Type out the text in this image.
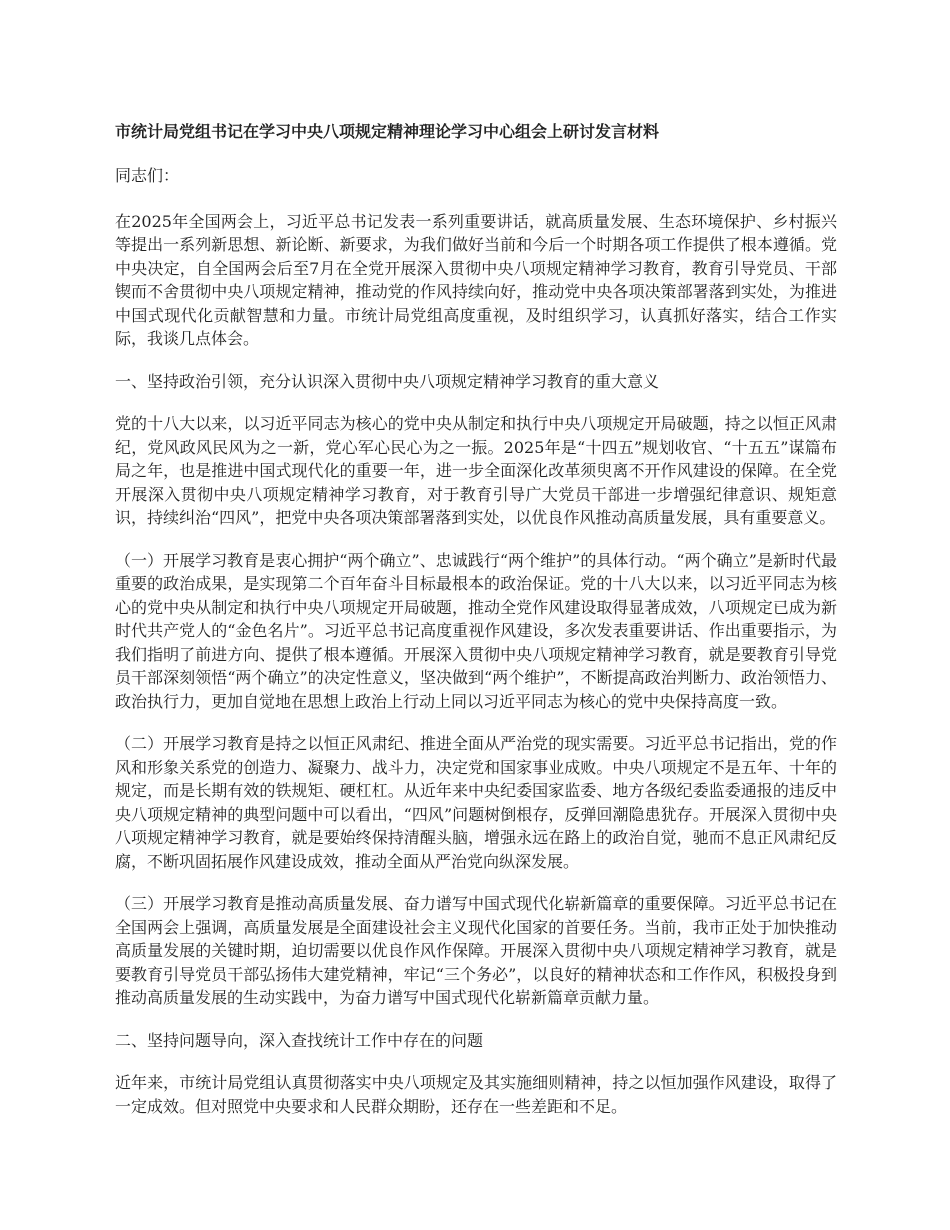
市统计局党组书记在学习中央八项规定精神理论学习中心组会上研讨发言材料
同志们：
在2025年全国两会上，习近平总书记发表一系列重要讲话，就高质量发展、生态环境保护、乡村振兴等提出一系列新思想、新论断、新要求，为我们做好当前和今后一个时期各项工作提供了根本遵循。党中央决定，自全国两会后至7月在全党开展深入贯彻中央八项规定精神学习教育，教育引导党员、干部锲而不舍贯彻中央八项规定精神，推动党的作风持续向好，推动党中央各项决策部署落到实处，为推进中国式现代化贡献智慧和力量。市统计局党组高度重视，及时组织学习，认真抓好落实，结合工作实际，我谈几点体会。
一、坚持政治引领，充分认识深入贯彻中央八项规定精神学习教育的重大意义
党的十八大以来，以习近平同志为核心的党中央从制定和执行中央八项规定开局破题，持之以恒正风肃纪，党风政风民风为之一新，党心军心民心为之一振。2025年是“十四五”规划收官、“十五五”谋篇布局之年，也是推进中国式现代化的重要一年，进一步全面深化改革须臾离不开作风建设的保障。在全党开展深入贯彻中央八项规定精神学习教育，对于教育引导广大党员干部进一步增强纪律意识、规矩意识，持续纠治“四风”，把党中央各项决策部署落到实处，以优良作风推动高质量发展，具有重要意义。
（一）开展学习教育是衷心拥护“两个确立”、忠诚践行“两个维护”的具体行动。“两个确立”是新时代最重要的政治成果，是实现第二个百年奋斗目标最根本的政治保证。党的十八大以来，以习近平同志为核心的党中央从制定和执行中央八项规定开局破题，推动全党作风建设取得显著成效，八项规定已成为新时代共产党人的“金色名片”。习近平总书记高度重视作风建设，多次发表重要讲话、作出重要指示，为我们指明了前进方向、提供了根本遵循。开展深入贯彻中央八项规定精神学习教育，就是要教育引导党员干部深刻领悟“两个确立”的决定性意义，坚决做到“两个维护”，不断提高政治判断力、政治领悟力、政治执行力，更加自觉地在思想上政治上行动上同以习近平同志为核心的党中央保持高度一致。
（二）开展学习教育是持之以恒正风肃纪、推进全面从严治党的现实需要。习近平总书记指出，党的作风和形象关系党的创造力、凝聚力、战斗力，决定党和国家事业成败。中央八项规定不是五年、十年的规定，而是长期有效的铁规矩、硬杠杠。从近年来中央纪委国家监委、地方各级纪委监委通报的违反中央八项规定精神的典型问题中可以看出，“四风”问题树倒根存，反弹回潮隐患犹存。开展深入贯彻中央八项规定精神学习教育，就是要始终保持清醒头脑，增强永远在路上的政治自觉，驰而不息正风肃纪反腐，不断巩固拓展作风建设成效，推动全面从严治党向纵深发展。
（三）开展学习教育是推动高质量发展、奋力谱写中国式现代化崭新篇章的重要保障。习近平总书记在全国两会上强调，高质量发展是全面建设社会主义现代化国家的首要任务。当前，我市正处于加快推动高质量发展的关键时期，迫切需要以优良作风作保障。开展深入贯彻中央八项规定精神学习教育，就是要教育引导党员干部弘扬伟大建党精神，牢记“三个务必”，以良好的精神状态和工作作风，积极投身到推动高质量发展的生动实践中，为奋力谱写中国式现代化崭新篇章贡献力量。
二、坚持问题导向，深入查找统计工作中存在的问题
近年来，市统计局党组认真贯彻落实中央八项规定及其实施细则精神，持之以恒加强作风建设，取得了一定成效。但对照党中央要求和人民群众期盼，还存在一些差距和不足。
